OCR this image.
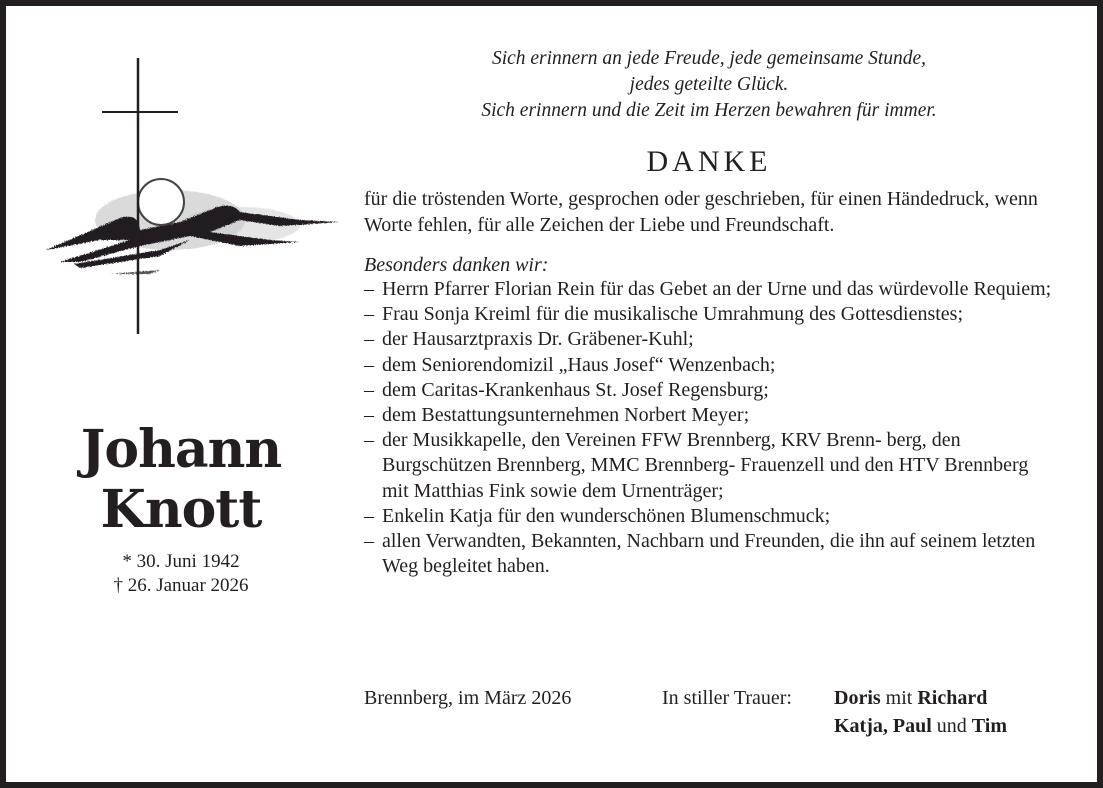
Johann
Knott
* 30. Juni 1942
† 26. Januar 2026
Sich erinnern an jede Freude, jede gemeinsame Stunde,
jedes geteilte Glück.
Sich erinnern und die Zeit im Herzen bewahren für immer.
DANKE
für die tröstenden Worte, gesprochen oder geschrieben, für einen Händedruck, wenn Worte fehlen, für alle Zeichen der Liebe und Freundschaft.
Besonders danken wir:
– Herrn Pfarrer Florian Rein für das Gebet an der Urne und das würdevolle Requiem;
– Frau Sonja Kreiml für die musikalische Umrahmung des Gottesdienstes;
– der Hausarztpraxis Dr. Gräbener-Kuhl;
– dem Seniorendomizil „Haus Josef“ Wenzenbach;
– dem Caritas-Krankenhaus St. Josef Regensburg;
– dem Bestattungsunternehmen Norbert Meyer;
– der Musikkapelle, den Vereinen FFW Brennberg, KRV Brenn- berg, den Burgschützen Brennberg, MMC Brennberg- Frauenzell und den HTV Brennberg mit Matthias Fink sowie dem Urnenträger;
– Enkelin Katja für den wunderschönen Blumenschmuck;
– allen Verwandten, Bekannten, Nachbarn und Freunden, die ihn auf seinem letzten Weg begleitet haben.
Brennberg, im März 2026	In stiller Trauer: Doris mit Richard
Katja, Paul und Tim
